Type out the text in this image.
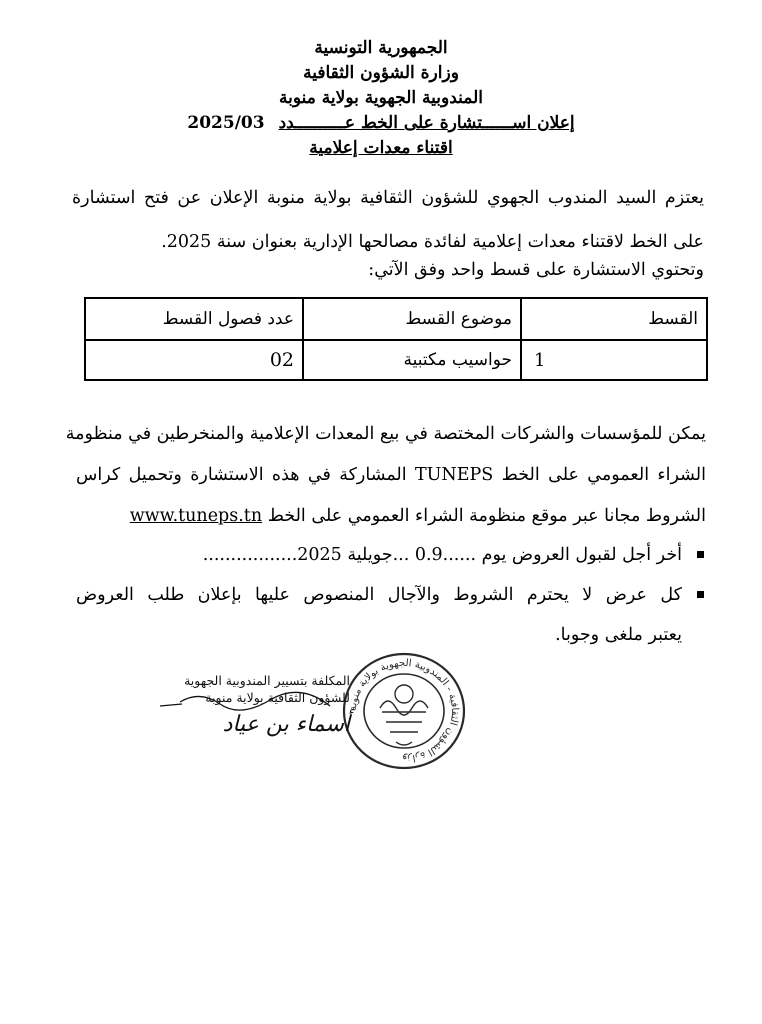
الجمهورية التونسية
وزارة الشؤون الثقافية
المندوبية الجهوية بولاية منوبة
إعلان اســــــتشارة على الخط عــــــــــدد2025/03
اقتناء معدات إعلامية
يعتزم السيد المندوب الجهوي للشؤون الثقافية بولاية منوبة الإعلان عن فتح استشارة
على الخط لاقتناء معدات إعلامية لفائدة مصالحها الإدارية بعنوان سنة 2025.
وتحتوي الاستشارة على قسط واحد وفق الآتي:
القسط	موضوع القسط	عدد فصول القسط
1	حواسيب مكتبية	02
يمكن للمؤسسات والشركات المختصة في بيع المعدات الإعلامية والمنخرطين في منظومة
الشراء العمومي على الخط TUNEPS المشاركة في هذه الاستشارة وتحميل كراس
الشروط مجانا عبر موقع منظومة الشراء العمومي على الخط www.tuneps.tn
أخر أجل لقبول العروض يوم ......0.9 ...جويلية 2025.................
كل عرض لا يحترم الشروط والآجال المنصوص عليها بإعلان طلب العروض
يعتبر ملغى وجوبا.
وزارة الشؤون الثقافية - المندوبية الجهوية بولاية منوبة
المكلفة بتسيير المندوبية الجهوية
للشؤون الثقافية بولاية منوبة
أسماء بن عياد
